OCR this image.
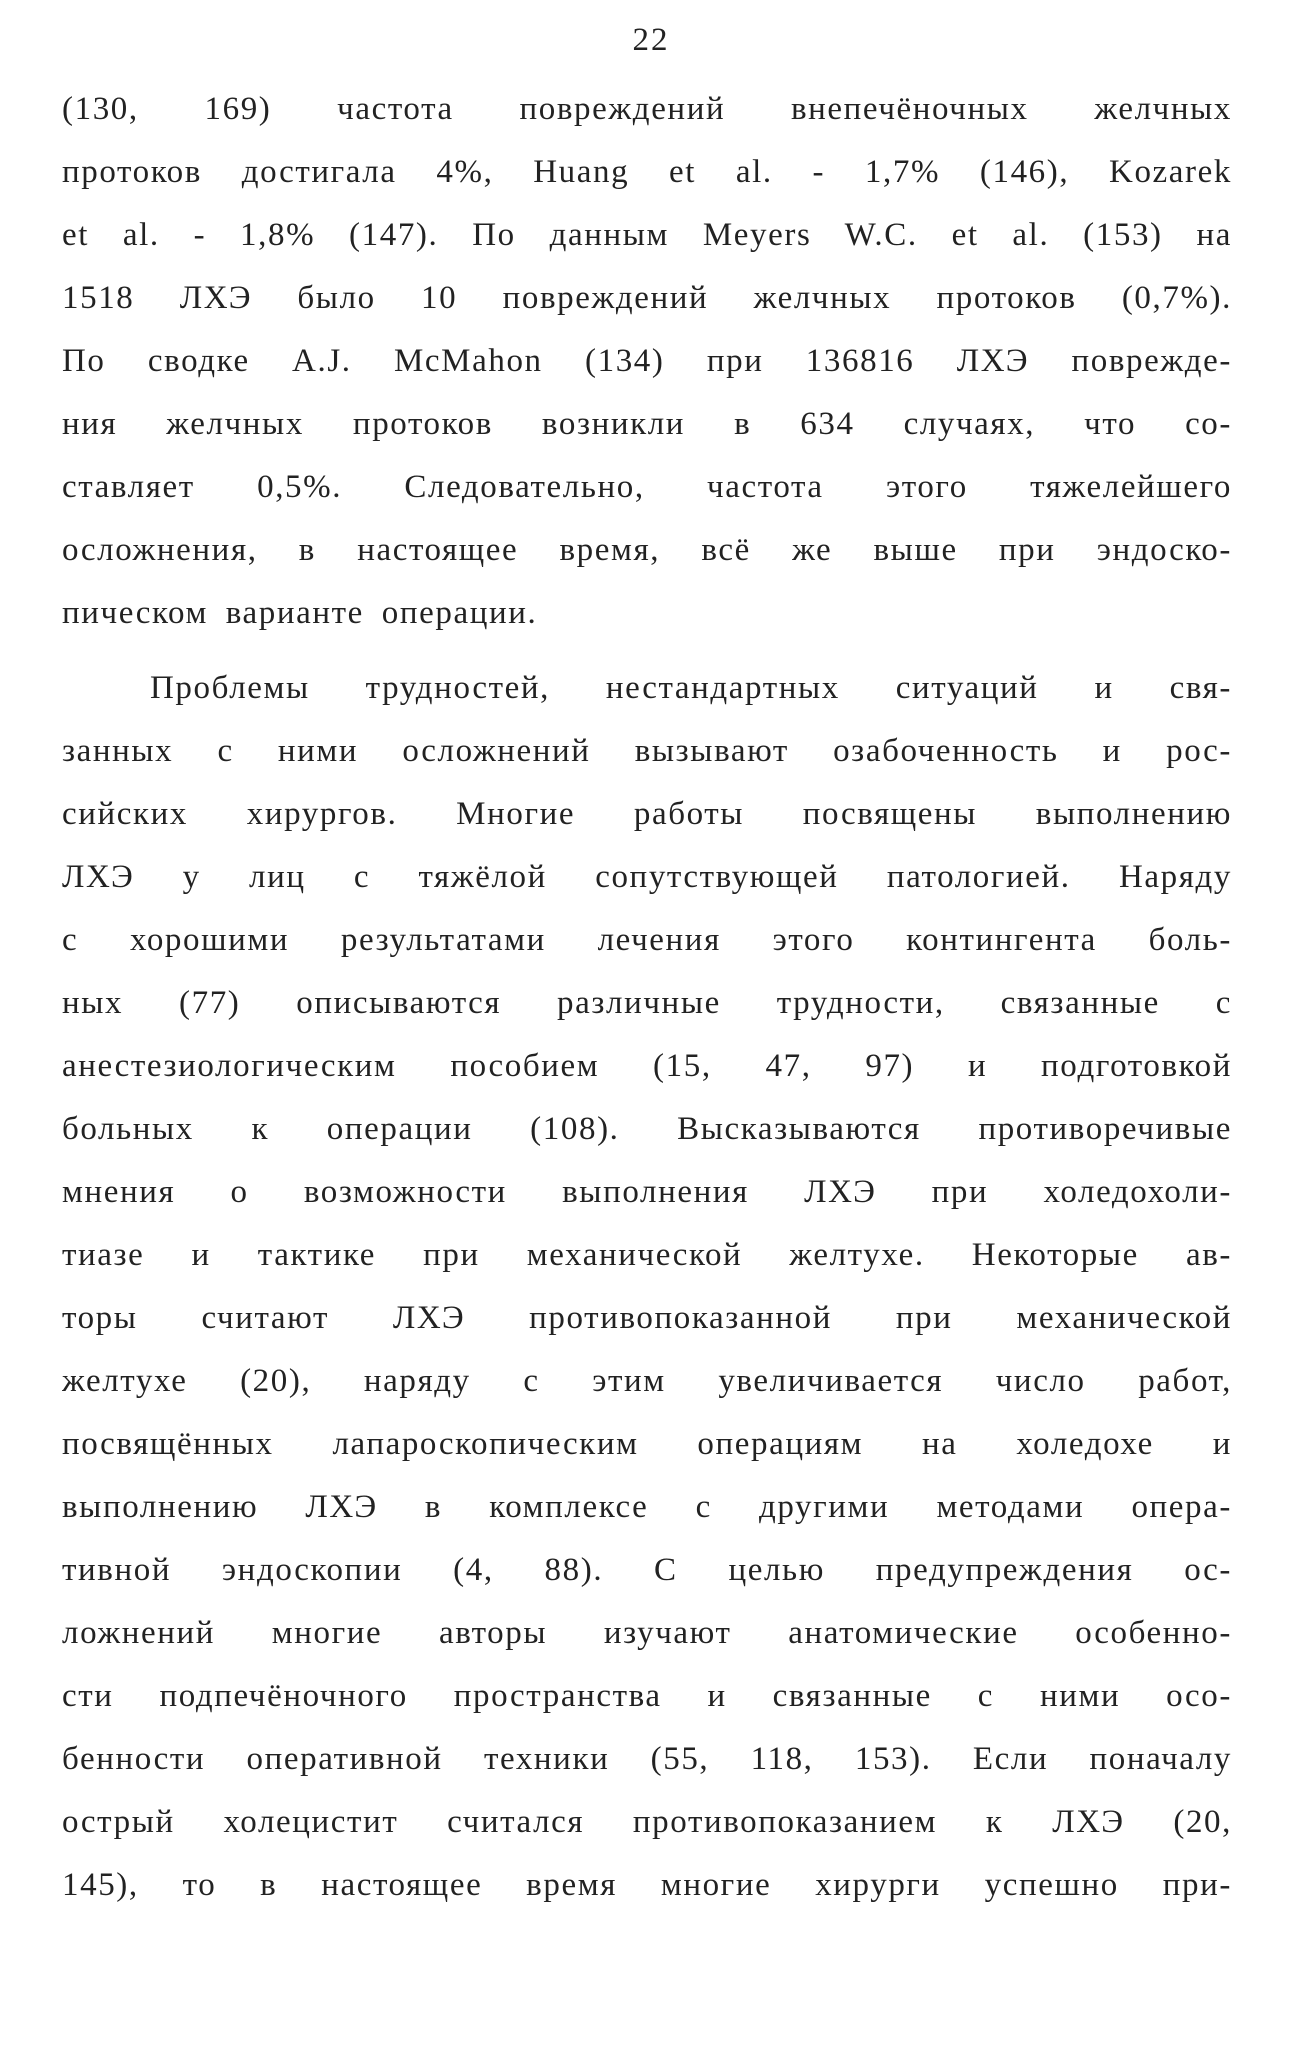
22
(130, 169) частота повреждений внепечёночных желчных
протоков достигала 4%, Huang et al. - 1,7% (146), Kozarek
et al. - 1,8% (147). По данным Meyers W.C. et al. (153) на
1518 ЛХЭ было 10 повреждений желчных протоков (0,7%).
По сводке A.J. McMahon (134) при 136816 ЛХЭ поврежде-
ния желчных протоков возникли в 634 случаях, что со-
ставляет 0,5%. Следовательно, частота этого тяжелейшего
осложнения, в настоящее время, всё же выше при эндоско-
пическом варианте операции.
Проблемы трудностей, нестандартных ситуаций и свя-
занных с ними осложнений вызывают озабоченность и рос-
сийских хирургов. Многие работы посвящены выполнению
ЛХЭ у лиц с тяжёлой сопутствующей патологией. Наряду
с хорошими результатами лечения этого контингента боль-
ных (77) описываются различные трудности, связанные с
анестезиологическим пособием (15, 47, 97) и подготовкой
больных к операции (108). Высказываются противоречивые
мнения о возможности выполнения ЛХЭ при холедохоли-
тиазе и тактике при механической желтухе. Некоторые ав-
торы считают ЛХЭ противопоказанной при механической
желтухе (20), наряду с этим увеличивается число работ,
посвящённых лапароскопическим операциям на холедохе и
выполнению ЛХЭ в комплексе с другими методами опера-
тивной эндоскопии (4, 88). С целью предупреждения ос-
ложнений многие авторы изучают анатомические особенно-
сти подпечёночного пространства и связанные с ними осо-
бенности оперативной техники (55, 118, 153). Если поначалу
острый холецистит считался противопоказанием к ЛХЭ (20,
145), то в настоящее время многие хирурги успешно при-
